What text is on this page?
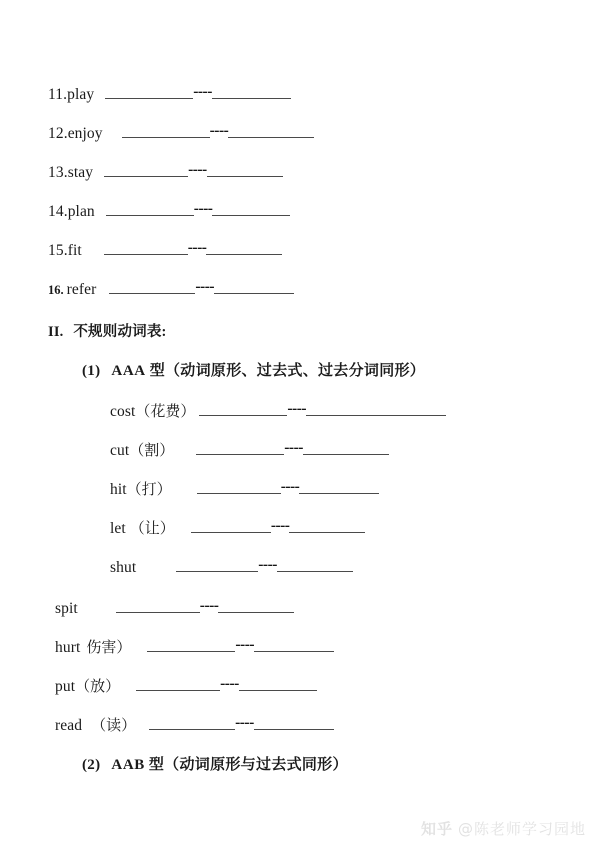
11.play	----
12.enjoy	----
13.stay	----
14.plan	----
15.fit	----
16. refer	----
II. 不规则动词表:
(1) AAA 型（动词原形、过去式、过去分词同形）
cost （花费）	----
cut （割）	----
hit （打）	----
let （让）	----
shut	----
spit	----
hurt 伤害）	----
put （放）	----
read （读）	----
(2) AAB 型（动词原形与过去式同形）
知乎 @陈老师学习园地
